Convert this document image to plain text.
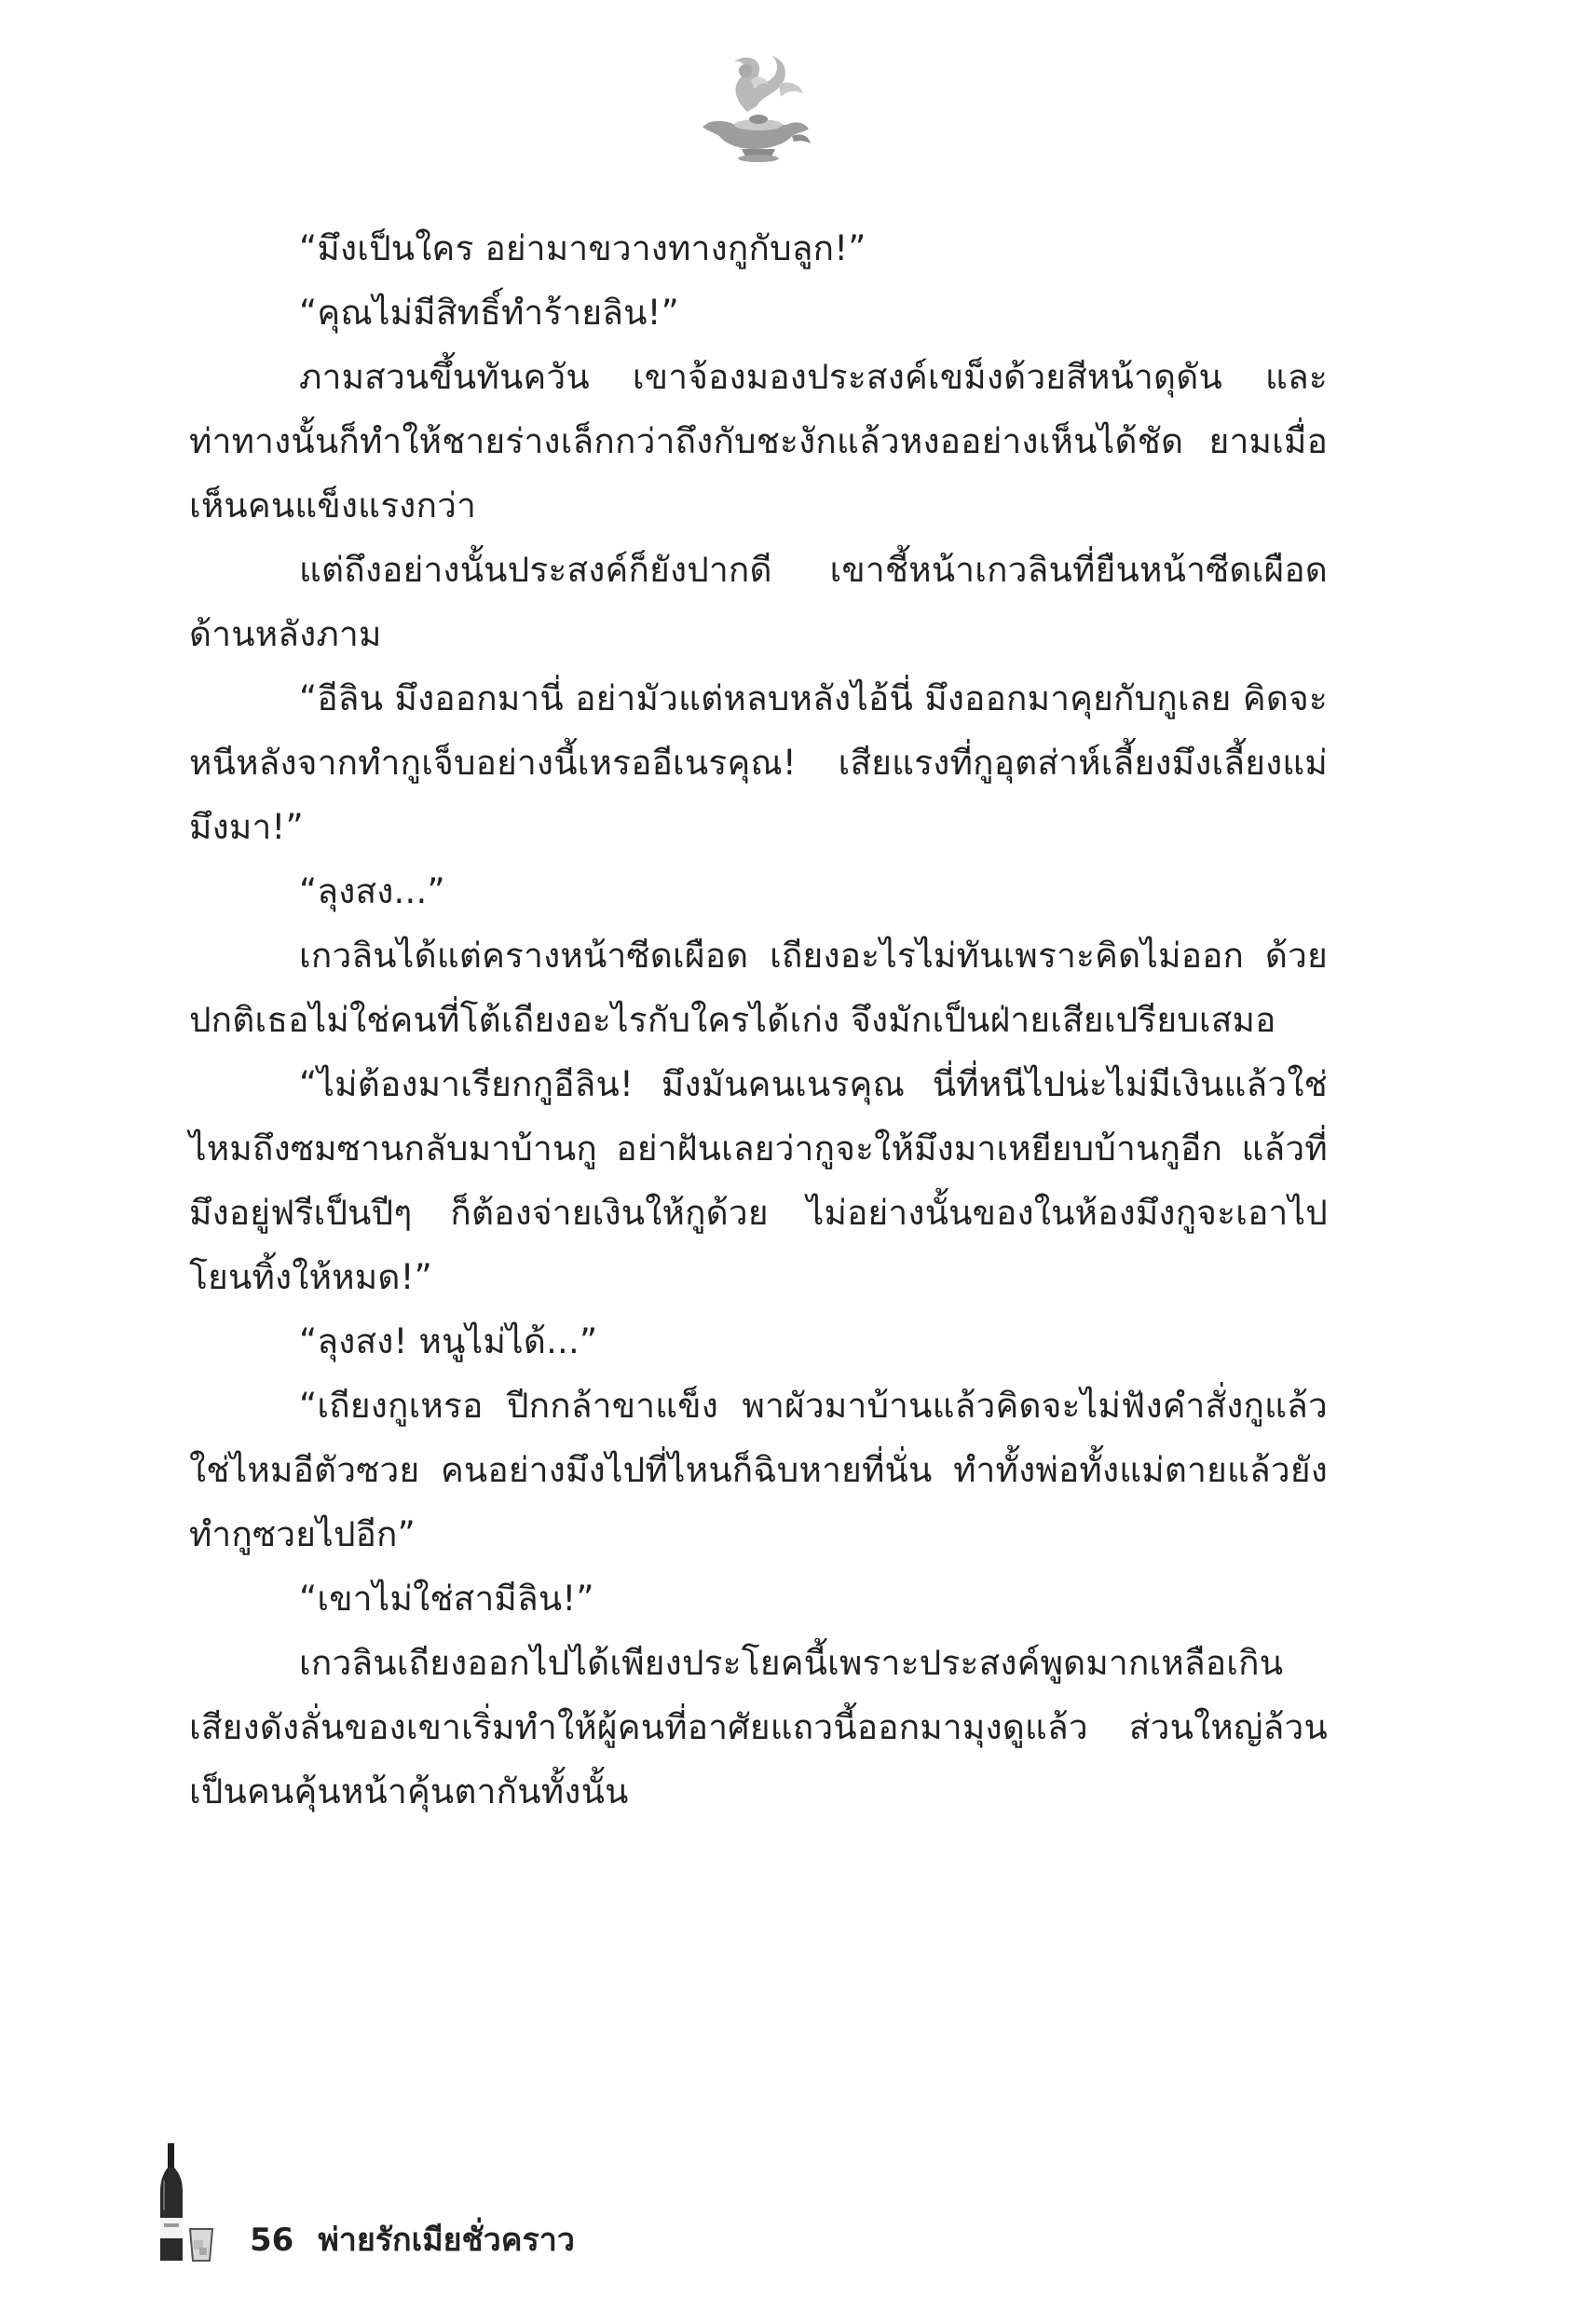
“มึงเป็นใคร อย่ามาขวางทางกูกับลูก!”

“คุณไม่มีสิทธิ์ทำร้ายลิน!”

ภามสวนขึ้นทันควัน เขาจ้องมองประสงค์เขม็งด้วยสีหน้าดุดัน และท่าทางนั้นก็ทำให้ชายร่างเล็กกว่าถึงกับชะงักแล้วหงออย่างเห็นได้ชัด ยามเมื่อเห็นคนแข็งแรงกว่า

แต่ถึงอย่างนั้นประสงค์ก็ยังปากดี เขาชี้หน้าเกวลินที่ยืนหน้าซีดเผือดด้านหลังภาม

“อีลิน มึงออกมานี่ อย่ามัวแต่หลบหลังไอ้นี่ มึงออกมาคุยกับกูเลย คิดจะหนีหลังจากทำกูเจ็บอย่างนี้เหรออีเนรคุณ! เสียแรงที่กูอุตส่าห์เลี้ยงมึงเลี้ยงแม่มึงมา!”

“ลุงสง...”

เกวลินได้แต่ครางหน้าซีดเผือด เถียงอะไรไม่ทันเพราะคิดไม่ออก ด้วยปกติเธอไม่ใช่คนที่โต้เถียงอะไรกับใครได้เก่ง จึงมักเป็นฝ่ายเสียเปรียบเสมอ

“ไม่ต้องมาเรียกกูอีลิน! มึงมันคนเนรคุณ นี่ที่หนีไปน่ะไม่มีเงินแล้วใช่ไหมถึงซมซานกลับมาบ้านกู อย่าฝันเลยว่ากูจะให้มึงมาเหยียบบ้านกูอีก แล้วที่มึงอยู่ฟรีเป็นปีๆ ก็ต้องจ่ายเงินให้กูด้วย ไม่อย่างนั้นของในห้องมึงกูจะเอาไปโยนทิ้งให้หมด!”

“ลุงสง! หนูไม่ได้...”

“เถียงกูเหรอ ปีกกล้าขาแข็ง พาผัวมาบ้านแล้วคิดจะไม่ฟังคำสั่งกูแล้วใช่ไหมอีตัวซวย คนอย่างมึงไปที่ไหนก็ฉิบหายที่นั่น ทำทั้งพ่อทั้งแม่ตายแล้วยังทำกูซวยไปอีก”

“เขาไม่ใช่สามีลิน!”

เกวลินเถียงออกไปได้เพียงประโยคนี้เพราะประสงค์พูดมากเหลือเกิน เสียงดังลั่นของเขาเริ่มทำให้ผู้คนที่อาศัยแถวนี้ออกมามุงดูแล้ว ส่วนใหญ่ล้วนเป็นคนคุ้นหน้าคุ้นตากันทั้งนั้น

56 พ่ายรักเมียชั่วคราว
